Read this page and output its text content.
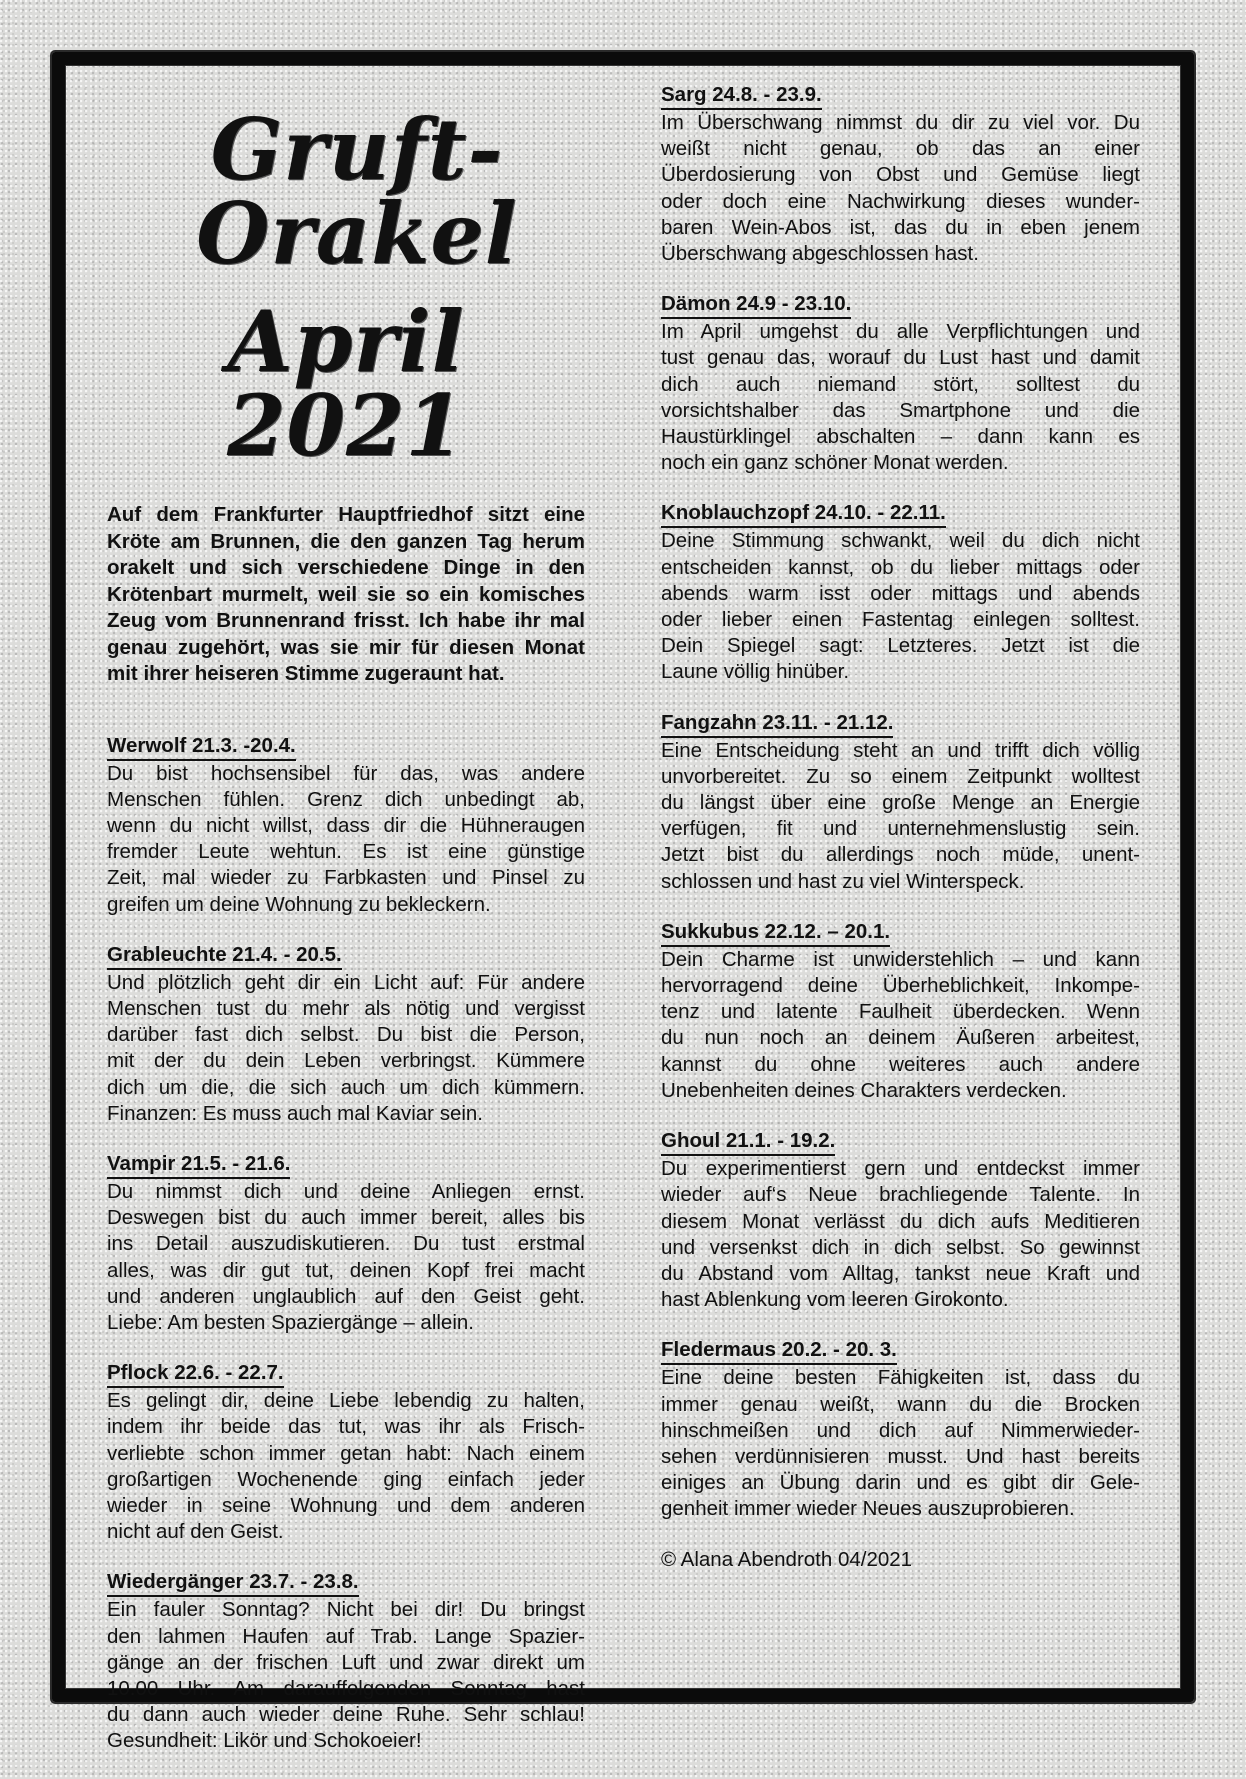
Gruft-Orakel
April 2021
Auf dem Frankfurter Hauptfriedhof sitzt eine Kröte am Brunnen, die den ganzen Tag herum orakelt und sich verschiedene Dinge in den Krötenbart murmelt, weil sie so ein komisches Zeug vom Brunnenrand frisst. Ich habe ihr mal genau zugehört, was sie mir für diesen Monat mit ihrer heiseren Stimme zugeraunt hat.
Werwolf 21.3. -20.4.
Du bist hochsensibel für das, was andere
Menschen fühlen. Grenz dich unbedingt ab,
wenn du nicht willst, dass dir die Hühneraugen
fremder Leute wehtun. Es ist eine günstige
Zeit, mal wieder zu Farbkasten und Pinsel zu
greifen um deine Wohnung zu bekleckern.
Grableuchte 21.4. - 20.5.
Und plötzlich geht dir ein Licht auf: Für andere
Menschen tust du mehr als nötig und vergisst
darüber fast dich selbst. Du bist die Person,
mit der du dein Leben verbringst. Kümmere
dich um die, die sich auch um dich kümmern.
Finanzen: Es muss auch mal Kaviar sein.
Vampir 21.5. - 21.6.
Du nimmst dich und deine Anliegen ernst.
Deswegen bist du auch immer bereit, alles bis
ins Detail auszudiskutieren. Du tust erstmal
alles, was dir gut tut, deinen Kopf frei macht
und anderen unglaublich auf den Geist geht.
Liebe: Am besten Spaziergänge – allein.
Pflock 22.6. - 22.7.
Es gelingt dir, deine Liebe lebendig zu halten,
indem ihr beide das tut, was ihr als Frisch-
verliebte schon immer getan habt: Nach einem
großartigen Wochenende ging einfach jeder
wieder in seine Wohnung und dem anderen
nicht auf den Geist.
Wiedergänger 23.7. - 23.8.
Ein fauler Sonntag? Nicht bei dir! Du bringst
den lahmen Haufen auf Trab. Lange Spazier-
gänge an der frischen Luft und zwar direkt um
10.00 Uhr. Am darauffolgenden Sonntag hast
du dann auch wieder deine Ruhe. Sehr schlau!
Gesundheit: Likör und Schokoeier!
Sarg 24.8. - 23.9.
Im Überschwang nimmst du dir zu viel vor. Du
weißt nicht genau, ob das an einer
Überdosierung von Obst und Gemüse liegt
oder doch eine Nachwirkung dieses wunder-
baren Wein-Abos ist, das du in eben jenem
Überschwang abgeschlossen hast.
Dämon 24.9 - 23.10.
Im April umgehst du alle Verpflichtungen und
tust genau das, worauf du Lust hast und damit
dich auch niemand stört, solltest du
vorsichtshalber das Smartphone und die
Haustürklingel abschalten – dann kann es
noch ein ganz schöner Monat werden.
Knoblauchzopf 24.10. - 22.11.
Deine Stimmung schwankt, weil du dich nicht
entscheiden kannst, ob du lieber mittags oder
abends warm isst oder mittags und abends
oder lieber einen Fastentag einlegen solltest.
Dein Spiegel sagt: Letzteres. Jetzt ist die
Laune völlig hinüber.
Fangzahn 23.11. - 21.12.
Eine Entscheidung steht an und trifft dich völlig
unvorbereitet. Zu so einem Zeitpunkt wolltest
du längst über eine große Menge an Energie
verfügen, fit und unternehmenslustig sein.
Jetzt bist du allerdings noch müde, unent-
schlossen und hast zu viel Winterspeck.
Sukkubus 22.12. – 20.1.
Dein Charme ist unwiderstehlich – und kann
hervorragend deine Überheblichkeit, Inkompe-
tenz und latente Faulheit überdecken. Wenn
du nun noch an deinem Äußeren arbeitest,
kannst du ohne weiteres auch andere
Unebenheiten deines Charakters verdecken.
Ghoul 21.1. - 19.2.
Du experimentierst gern und entdeckst immer
wieder auf‘s Neue brachliegende Talente. In
diesem Monat verlässt du dich aufs Meditieren
und versenkst dich in dich selbst. So gewinnst
du Abstand vom Alltag, tankst neue Kraft und
hast Ablenkung vom leeren Girokonto.
Fledermaus 20.2. - 20. 3.
Eine deine besten Fähigkeiten ist, dass du
immer genau weißt, wann du die Brocken
hinschmeißen und dich auf Nimmerwieder-
sehen verdünnisieren musst. Und hast bereits
einiges an Übung darin und es gibt dir Gele-
genheit immer wieder Neues auszuprobieren.
© Alana Abendroth 04/2021
